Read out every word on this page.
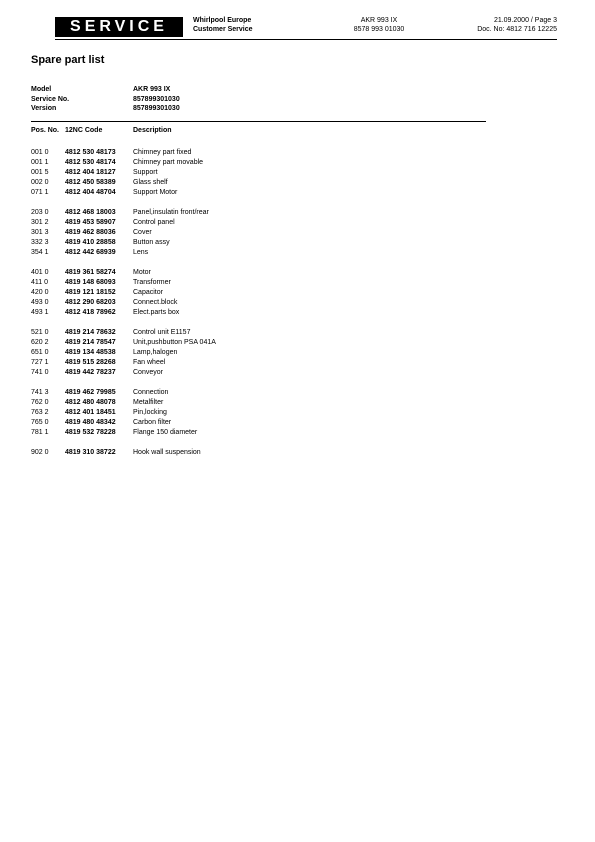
SERVICE	Whirlpool Europe
Customer Service
AKR 993 IX
8578 993 01030
21.09.2000 / Page 3
Doc. No: 4812 716 12225
Spare part list
Model	AKR 993 IX
Service No.	857899301030
Version	857899301030
Pos. No. 12NC Code	Description
001 0	4812 530 48173	Chimney part fixed
001 1	4812 530 48174	Chimney part movable
001 5	4812 404 18127	Support
002 0	4812 450 58389	Glass shelf
071 1	4812 404 48704	Support Motor
203 0	4812 468 18003	Panel,insulatin front/rear
301 2	4819 453 58907	Control panel
301 3	4819 462 88036	Cover
332 3	4819 410 28858	Button assy
354 1	4812 442 68939	Lens
401 0	4819 361 58274	Motor
411 0	4819 148 68093	Transformer
420 0	4819 121 18152	Capacitor
493 0	4812 290 68203	Connect.block
493 1	4812 418 78962	Elect.parts box
521 0	4819 214 78632	Control unit E1157
620 2	4819 214 78547	Unit,pushbutton PSA 041A
651 0	4819 134 48538	Lamp,halogen
727 1	4819 515 28268	Fan wheel
741 0	4819 442 78237	Conveyor
741 3	4819 462 79985	Connection
762 0	4812 480 48078	Metalfilter
763 2	4812 401 18451	Pin,locking
765 0	4819 480 48342	Carbon filter
781 1	4819 532 78228	Flange 150 diameter
902 0	4819 310 38722	Hook wall suspension
